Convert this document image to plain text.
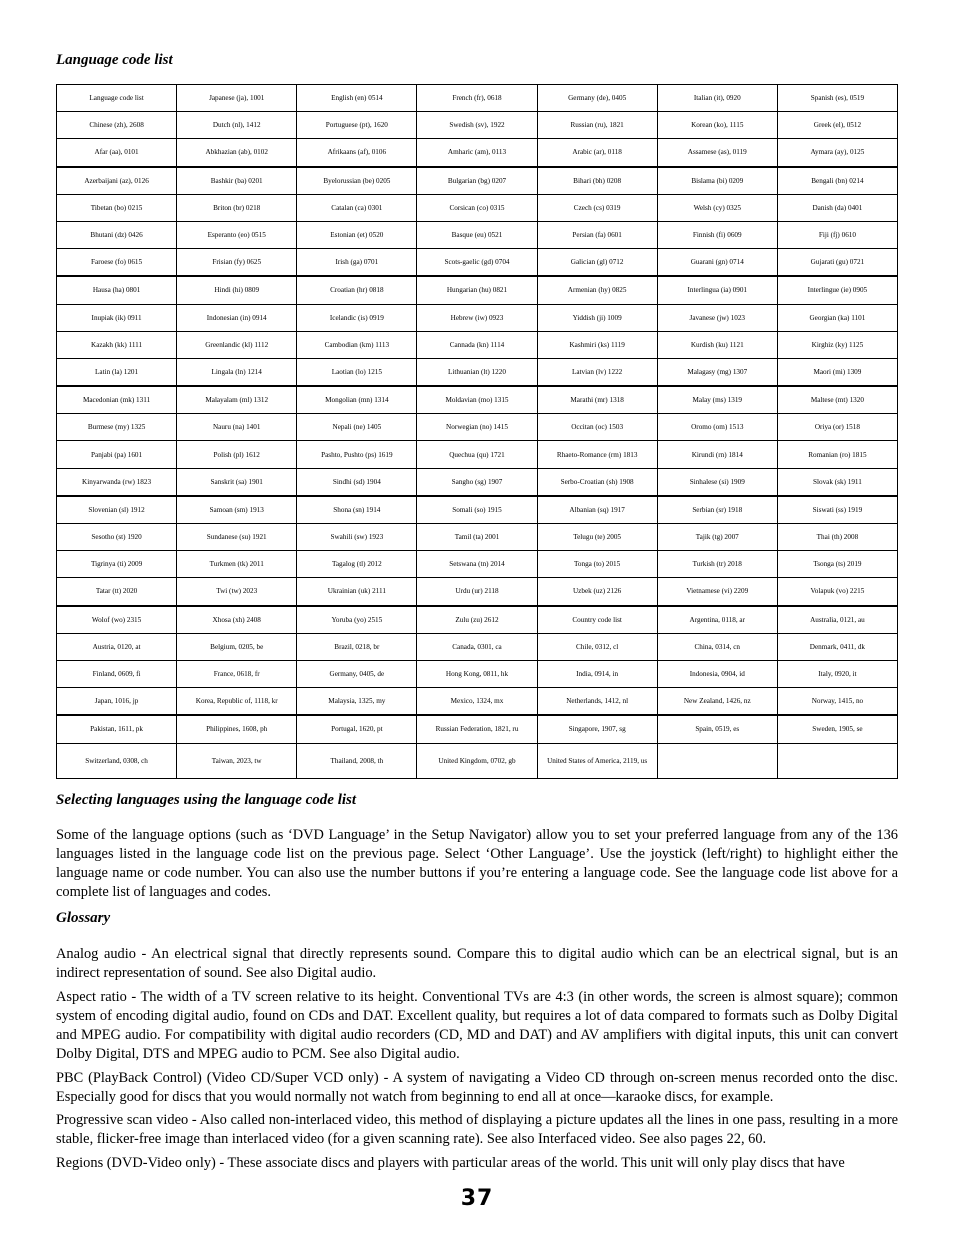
Language code list
Language code list	Japanese (ja), 1001	English (en) 0514	French (fr), 0618	Germany (de), 0405	Italian (it), 0920	Spanish (es), 0519
Chinese (zh), 2608	Dutch (nl), 1412	Portuguese (pt), 1620	Swedish (sv), 1922	Russian (ru), 1821	Korean (ko), 1115	Greek (el), 0512
Afar (aa), 0101	Abkhazian (ab), 0102	Afrikaans (af), 0106	Amharic (am), 0113	Arabic (ar), 0118	Assamese (as), 0119	Aymara (ay), 0125
Azerbaijani (az), 0126	Bashkir (ba) 0201	Byelorussian (be) 0205	Bulgarian (bg) 0207	Bihari (bh) 0208	Bislama (bi) 0209	Bengali (bn) 0214
Tibetan (bo) 0215	Briton (br) 0218	Catalan (ca) 0301	Corsican (co) 0315	Czech (cs) 0319	Welsh (cy) 0325	Danish (da) 0401
Bhutani (dz) 0426	Esperanto (eo) 0515	Estonian (et) 0520	Basque (eu) 0521	Persian (fa) 0601	Finnish (fi) 0609	Fiji (fj) 0610
Faroese (fo) 0615	Frisian (fy) 0625	Irish (ga) 0701	Scots-gaelic (gd) 0704	Galician (gl) 0712	Guarani (gn) 0714	Gujarati (gu) 0721
Hausa (ha) 0801	Hindi (hi) 0809	Croatian (hr) 0818	Hungarian (hu) 0821	Armenian (hy) 0825	Interlingua (ia) 0901	Interlingue (ie) 0905
Inupiak (ik) 0911	Indonesian (in) 0914	Icelandic (is) 0919	Hebrew (iw) 0923	Yiddish (ji) 1009	Javanese (jw) 1023	Georgian (ka) 1101
Kazakh (kk) 1111	Greenlandic (kl) 1112	Cambodian (km) 1113	Cannada (kn) 1114	Kashmiri (ks) 1119	Kurdish (ku) 1121	Kirghiz (ky) 1125
Latin (la) 1201	Lingala (ln) 1214	Laotian (lo) 1215	Lithuanian (lt) 1220	Latvian (lv) 1222	Malagasy (mg) 1307	Maori (mi) 1309
Macedonian (mk) 1311	Malayalam (ml) 1312	Mongolian (mn) 1314	Moldavian (mo) 1315	Marathi (mr) 1318	Malay (ms) 1319	Maltese (mt) 1320
Burmese (my) 1325	Nauru (na) 1401	Nepali (ne) 1405	Norwegian (no) 1415	Occitan (oc) 1503	Oromo (om) 1513	Oriya (or) 1518
Panjabi (pa) 1601	Polish (pl) 1612	Pashto, Pushto (ps) 1619	Quechua (qu) 1721	Rhaeto-Romance (rm) 1813	Kirundi (rn) 1814	Romanian (ro) 1815
Kinyarwanda (rw) 1823	Sanskrit (sa) 1901	Sindhi (sd) 1904	Sangho (sg) 1907	Serbo-Croatian (sh) 1908	Sinhalese (si) 1909	Slovak (sk) 1911
Slovenian (sl) 1912	Samoan (sm) 1913	Shona (sn) 1914	Somali (so) 1915	Albanian (sq) 1917	Serbian (sr) 1918	Siswati (ss) 1919
Sesotho (st) 1920	Sundanese (su) 1921	Swahili (sw) 1923	Tamil (ta) 2001	Telugu (te) 2005	Tajik (tg) 2007	Thai (th) 2008
Tigrinya (ti) 2009	Turkmen (tk) 2011	Tagalog (tl) 2012	Setswana (tn) 2014	Tonga (to) 2015	Turkish (tr) 2018	Tsonga (ts) 2019
Tatar (tt) 2020	Twi (tw) 2023	Ukrainian (uk) 2111	Urdu (ur) 2118	Uzbek (uz) 2126	Vietnamese (vi) 2209	Volapuk (vo) 2215
Wolof (wo) 2315	Xhosa (xh) 2408	Yoruba (yo) 2515	Zulu (zu) 2612	Country code list	Argentina, 0118, ar	Australia, 0121, au
Austria, 0120, at	Belgium, 0205, be	Brazil, 0218, br	Canada, 0301, ca	Chile, 0312, cl	China, 0314, cn	Denmark, 0411, dk
Finland, 0609, fi	France, 0618, fr	Germany, 0405, de	Hong Kong, 0811, hk	India, 0914, in	Indonesia, 0904, id	Italy, 0920, it
Japan, 1016, jp	Korea, Republic of, 1118, kr	Malaysia, 1325, my	Mexico, 1324, mx	Netherlands, 1412, nl	New Zealand, 1426, nz	Norway, 1415, no
Pakistan, 1611, pk	Philippines, 1608, ph	Portugal, 1620, pt	Russian Federation, 1821, ru	Singapore, 1907, sg	Spain, 0519, es	Sweden, 1905, se
Switzerland, 0308, ch	Taiwan, 2023, tw	Thailand, 2008, th	United Kingdom, 0702, gb	United States of America, 2119, us		
Selecting languages using the language code list

Some of the language options (such as ‘DVD Language’ in the Setup Navigator) allow you to set your preferred language from any of the 136 languages listed in the language code list on the previous page. Select ‘Other Language’. Use the joystick (left/right) to highlight either the language name or code number. You can also use the number buttons if you’re entering a language code. See the language code list above for a complete list of languages and codes.

Glossary

Analog audio - An electrical signal that directly represents sound. Compare this to digital audio which can be an electrical signal, but is an indirect representation of sound. See also Digital audio.

Aspect ratio - The width of a TV screen relative to its height. Conventional TVs are 4:3 (in other words, the screen is almost square); common system of encoding digital audio, found on CDs and DAT. Excellent quality, but requires a lot of data compared to formats such as Dolby Digital and MPEG audio. For compatibility with digital audio recorders (CD, MD and DAT) and AV amplifiers with digital inputs, this unit can convert Dolby Digital, DTS and MPEG audio to PCM. See also Digital audio.

PBC (PlayBack Control) (Video CD/Super VCD only) - A system of navigating a Video CD through on-screen menus recorded onto the disc. Especially good for discs that you would normally not watch from beginning to end all at once—karaoke discs, for example.

Progressive scan video - Also called non-interlaced video, this method of displaying a picture updates all the lines in one pass, resulting in a more stable, flicker-free image than interlaced video (for a given scanning rate). See also Interfaced video. See also pages 22, 60.

Regions (DVD-Video only) - These associate discs and players with particular areas of the world. This unit will only play discs that have

37
